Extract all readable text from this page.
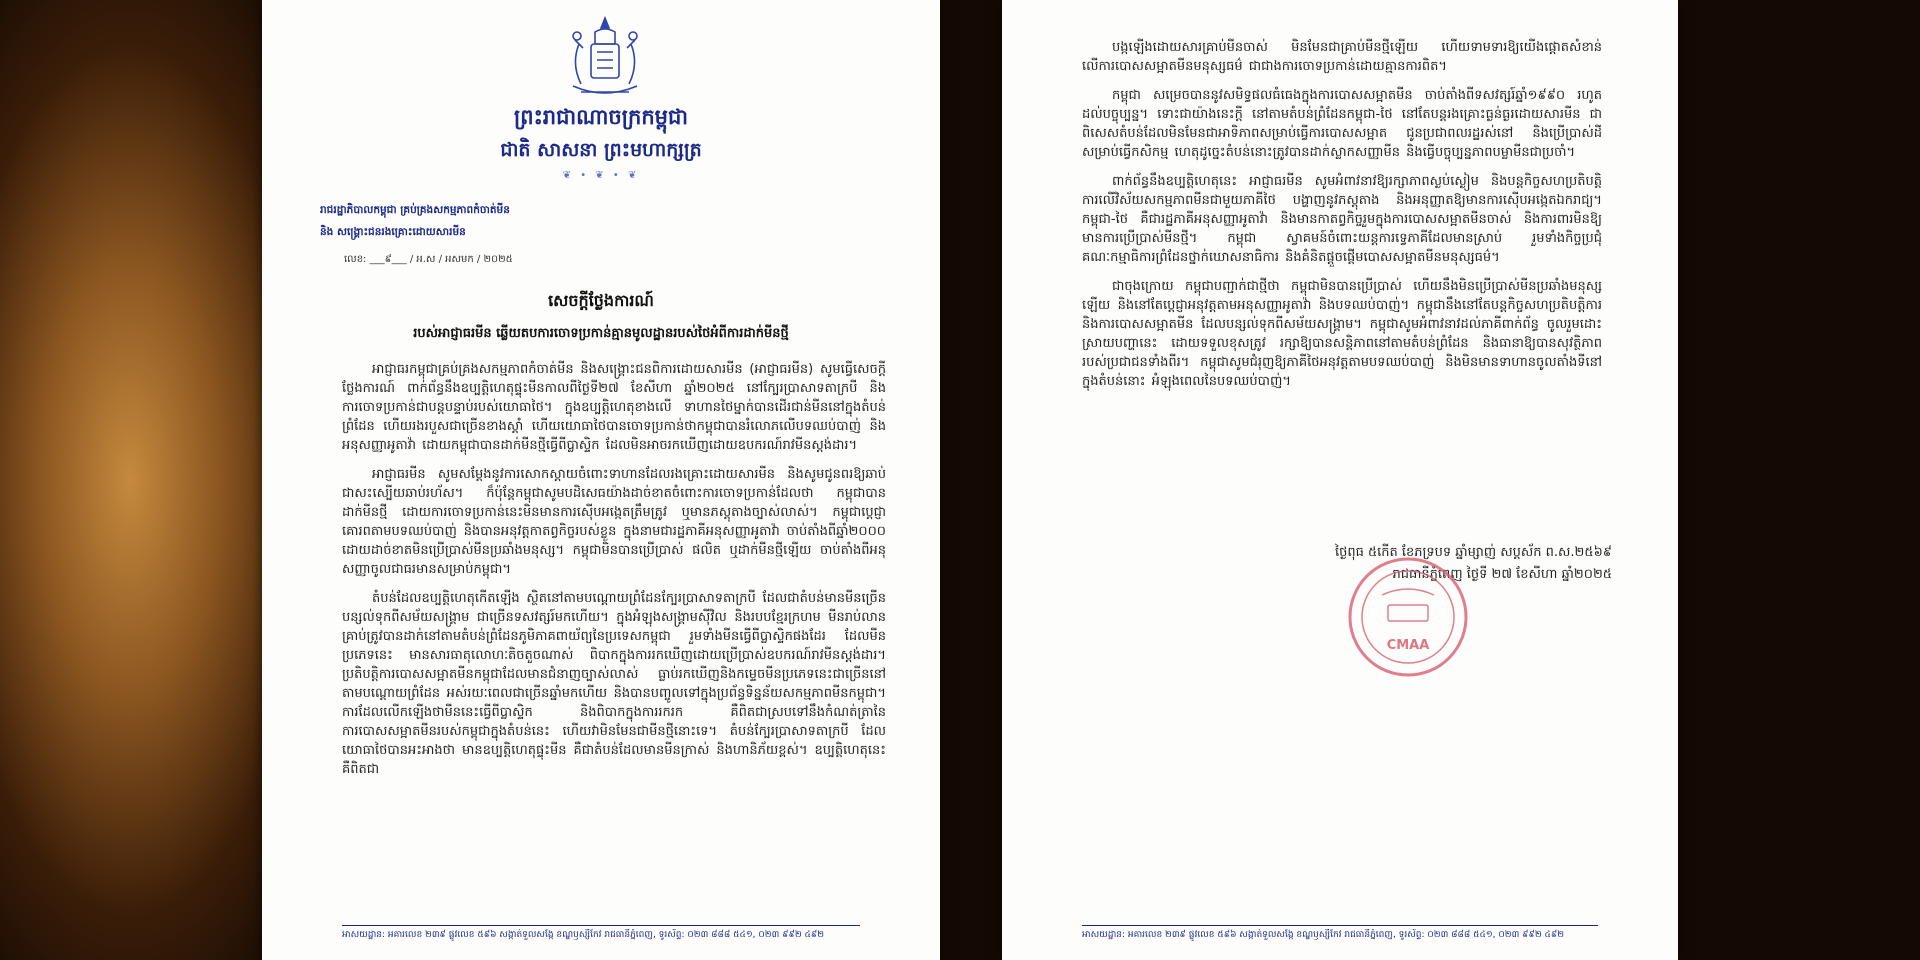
ព្រះរាជាណាចក្រកម្ពុជា
ជាតិ សាសនា ព្រះមហាក្សត្រ
❦ • ❦ • ❦
រាជរដ្ឋាភិបាលកម្ពុជា គ្រប់គ្រងសកម្មភាពកំចាត់មីន
និង សង្គ្រោះជនរងគ្រោះដោយសារមីន
លេខ: ___៩___ / អ.ស / អសមក / ២០២៥
សេចក្ដីថ្លែងការណ៍
របស់អាជ្ញាធរមីន ឆ្លើយតបការចោទប្រកាន់គ្មានមូលដ្ឋានរបស់ថៃអំពីការដាក់មីនថ្មី

អាជ្ញាធរកម្ពុជាគ្រប់គ្រងសកម្មភាពកំចាត់មីន និងសង្គ្រោះជនពិការដោយសារមីន (អាជ្ញាធរមីន) សូមធ្វើសេចក្ដីថ្លែងការណ៍ ពាក់ព័ន្ធនឹងឧប្បត្តិហេតុផ្ទុះមីនកាលពីថ្ងៃទី២៧ ខែសីហា ឆ្នាំ២០២៥ នៅក្បែរប្រាសាទតាក្របី និងការចោទប្រកាន់ជាបន្តបន្ទាប់របស់យោធាថៃ។ ក្នុងឧប្បត្តិហេតុខាងលើ ទាហានថៃម្នាក់បានដើរជាន់មីននៅក្នុងតំបន់ព្រំដែន ហើយរងរបួសជាច្រើនខាងស្ដាំ ហើយយោធាថៃបានចោទប្រកាន់ថាកម្ពុជាបានរំលោភលើបទឈប់បាញ់ និងអនុសញ្ញាអូតាវ៉ា ដោយកម្ពុជាបានដាក់មីនថ្មីធ្វើពីប្លាស្ទិក ដែលមិនអាចរកឃើញដោយឧបករណ៍រាវមីនស្តង់ដារ។

អាជ្ញាធរមីន សូមសម្ដែងនូវការសោកស្ដាយចំពោះទាហានដែលរងគ្រោះដោយសារមីន និងសូមជូនពរឱ្យឆាប់ជាសះស្បើយឆាប់រហ័ស។ ក៏ប៉ុន្តែកម្ពុជាសូមបដិសេធយ៉ាងដាច់ខាតចំពោះការចោទប្រកាន់ដែលថា កម្ពុជាបានដាក់មីនថ្មី ដោយការចោទប្រកាន់នេះមិនមានការស៊ើបអង្កេតត្រឹមត្រូវ ឬមានភស្តុតាងច្បាស់លាស់។ កម្ពុជាប្ដេជ្ញាគោរពតាមបទឈប់បាញ់ និងបានអនុវត្តកាតព្វកិច្ចរបស់ខ្លួន ក្នុងនាមជារដ្ឋភាគីអនុសញ្ញាអូតាវ៉ា ចាប់តាំងពីឆ្នាំ២០០០ ដោយដាច់ខាតមិនប្រើប្រាស់មីនប្រឆាំងមនុស្ស។ កម្ពុជាមិនបានប្រើប្រាស់ ផលិត ឬដាក់មីនថ្មីឡើយ ចាប់តាំងពីអនុសញ្ញាចូលជាធរមានសម្រាប់កម្ពុជា។

តំបន់ដែលឧប្បត្តិហេតុកើតឡើង ស្ថិតនៅតាមបណ្ដោយព្រំដែនក្បែរប្រាសាទតាក្របី ដែលជាតំបន់មានមីនច្រើន បន្សល់ទុកពីសម័យសង្គ្រាម ជាច្រើនទសវត្សរ៍មកហើយ។ ក្នុងអំឡុងសង្គ្រាមស៊ីវិល និងរបបខ្មែរក្រហម មីនរាប់លានគ្រាប់ត្រូវបានដាក់នៅតាមតំបន់ព្រំដែនភូមិភាគពាយ័ព្យនៃប្រទេសកម្ពុជា រួមទាំងមីនធ្វើពីប្លាស្ទិកផងដែរ ដែលមីនប្រភេទនេះ មានសារធាតុលោហៈតិចតួចណាស់ ពិបាកក្នុងការរកឃើញដោយប្រើប្រាស់ឧបករណ៍រាវមីនស្តង់ដារ។ ប្រតិបត្តិការបោសសម្អាតមីនកម្ពុជាដែលមានជំនាញច្បាស់លាស់ ធ្លាប់រកឃើញនិងកម្ទេចមីនប្រភេទនេះជាច្រើននៅតាមបណ្ដោយព្រំដែន អស់រយៈពេលជាច្រើនឆ្នាំមកហើយ និងបានបញ្ចូលទៅក្នុងប្រព័ន្ធទិន្នន័យសកម្មភាពមីនកម្ពុជា។ ការដែលលើកឡើងថាមីននេះធ្វើពីប្លាស្ទិក និងពិបាកក្នុងការរករក គឺពិតជាស្របទៅនឹងកំណត់ត្រានៃការបោសសម្អាតមីនរបស់កម្ពុជាក្នុងតំបន់នេះ ហើយវាមិនមែនជាមីនថ្មីនោះទេ។ តំបន់ក្បែរប្រាសាទតាក្របី ដែលយោធាថៃបានអះអាងថា មានឧប្បត្តិហេតុផ្ទុះមីន គឺជាតំបន់ដែលមានមីនក្រាស់ និងហានិភ័យខ្ពស់។ ឧប្បត្តិហេតុនេះ គឺពិតជា

អាសយដ្ឋាន: អគារលេខ ២៣៩ ផ្លូវលេខ ៥៩៦ សង្កាត់ទួលសង្កែ ខណ្ឌឫស្សីកែវ រាជធានីភ្នំពេញ, ទូរស័ព្ទ: ០២៣ ៨៨៨ ៥៤១, ០២៣ ៩៩២ ៤៩២

បង្កឡើងដោយសារគ្រាប់មីនចាស់ មិនមែនជាគ្រាប់មីនថ្មីឡើយ ហើយទាមទារឱ្យយើងផ្ដោតសំខាន់លើការបោសសម្អាតមីនមនុស្សធម៌ ជាជាងការចោទប្រកាន់ដោយគ្មានការពិត។

កម្ពុជា សម្រេចបាននូវសមិទ្ធផលធំធេងក្នុងការបោសសម្អាតមីន ចាប់តាំងពីទសវត្សរ៍ឆ្នាំ១៩៩០ រហូតដល់បច្ចុប្បន្ន។ ទោះជាយ៉ាងនេះក្ដី នៅតាមតំបន់ព្រំដែនកម្ពុជា-ថៃ នៅតែបន្តរងគ្រោះធ្ងន់ធ្ងរដោយសារមីន ជាពិសេសតំបន់ដែលមិនមែនជាអាទិភាពសម្រាប់ធ្វើការបោសសម្អាត ជូនប្រជាពលរដ្ឋរស់នៅ និងប្រើប្រាស់ដីសម្រាប់ធ្វើកសិកម្ម ហេតុដូច្នេះតំបន់នោះត្រូវបានដាក់ស្លាកសញ្ញាមីន និងធ្វើបច្ចុប្បន្នភាពបម្លាមីនជាប្រចាំ។

ពាក់ព័ន្ធនឹងឧប្បត្តិហេតុនេះ អាជ្ញាធរមីន សូមអំពាវនាវឱ្យរក្សាភាពស្ងប់ស្ងៀម និងបន្តកិច្ចសហប្រតិបត្តិការលើវិស័យសកម្មភាពមីនជាមួយភាគីថៃ បង្ហាញនូវភស្តុតាង និងអនុញ្ញាតឱ្យមានការស៊ើបអង្កេតឯករាជ្យ។ កម្ពុជា-ថៃ គឺជារដ្ឋភាគីអនុសញ្ញាអូតាវ៉ា និងមានកាតព្វកិច្ចរួមក្នុងការបោសសម្អាតមីនចាស់ និងការពារមិនឱ្យមានការប្រើប្រាស់មីនថ្មី។ កម្ពុជា ស្វាគមន៍ចំពោះយន្តការទ្វេភាគីដែលមានស្រាប់ រួមទាំងកិច្ចប្រជុំគណៈកម្មាធិការព្រំដែនថ្នាក់ឃោសនាធិការ និងគំនិតផ្តួចផ្តើមបោសសម្អាតមីនមនុស្សធម៌។

ជាចុងក្រោយ កម្ពុជាបញ្ជាក់ជាថ្មីថា កម្ពុជាមិនបានប្រើប្រាស់ ហើយនឹងមិនប្រើប្រាស់មីនប្រឆាំងមនុស្សឡើយ និងនៅតែប្ដេជ្ញាអនុវត្តតាមអនុសញ្ញាអូតាវ៉ា និងបទឈប់បាញ់។ កម្ពុជានឹងនៅតែបន្តកិច្ចសហប្រតិបត្តិការ និងការបោសសម្អាតមីន ដែលបន្សល់ទុកពីសម័យសង្គ្រាម។ កម្ពុជាសូមអំពាវនាវដល់ភាគីពាក់ព័ន្ធ ចូលរួមដោះស្រាយបញ្ហានេះ ដោយទទួលខុសត្រូវ រក្សាឱ្យបានសន្តិភាពនៅតាមតំបន់ព្រំដែន និងធានាឱ្យបានសុវត្ថិភាពរបស់ប្រជាជនទាំងពីរ។ កម្ពុជាសូមជំរុញឱ្យភាគីថៃអនុវត្តតាមបទឈប់បាញ់ និងមិនមានទាហានចូលតាំងទីនៅក្នុងតំបន់នោះ អំឡុងពេលនៃបទឈប់បាញ់។

ថ្ងៃពុធ ៥កើត ខែភទ្របទ ឆ្នាំម្សាញ់ សប្តស័ក ព.ស.២៥៦៩
រាជធានីភ្នំពេញ ថ្ងៃទី ២៧ ខែសីហា ឆ្នាំ២០២៥
CMAA
អាសយដ្ឋាន: អគារលេខ ២៣៩ ផ្លូវលេខ ៥៩៦ សង្កាត់ទួលសង្កែ ខណ្ឌឫស្សីកែវ រាជធានីភ្នំពេញ, ទូរស័ព្ទ: ០២៣ ៨៨៨ ៥៤១, ០២៣ ៩៩២ ៤៩២
